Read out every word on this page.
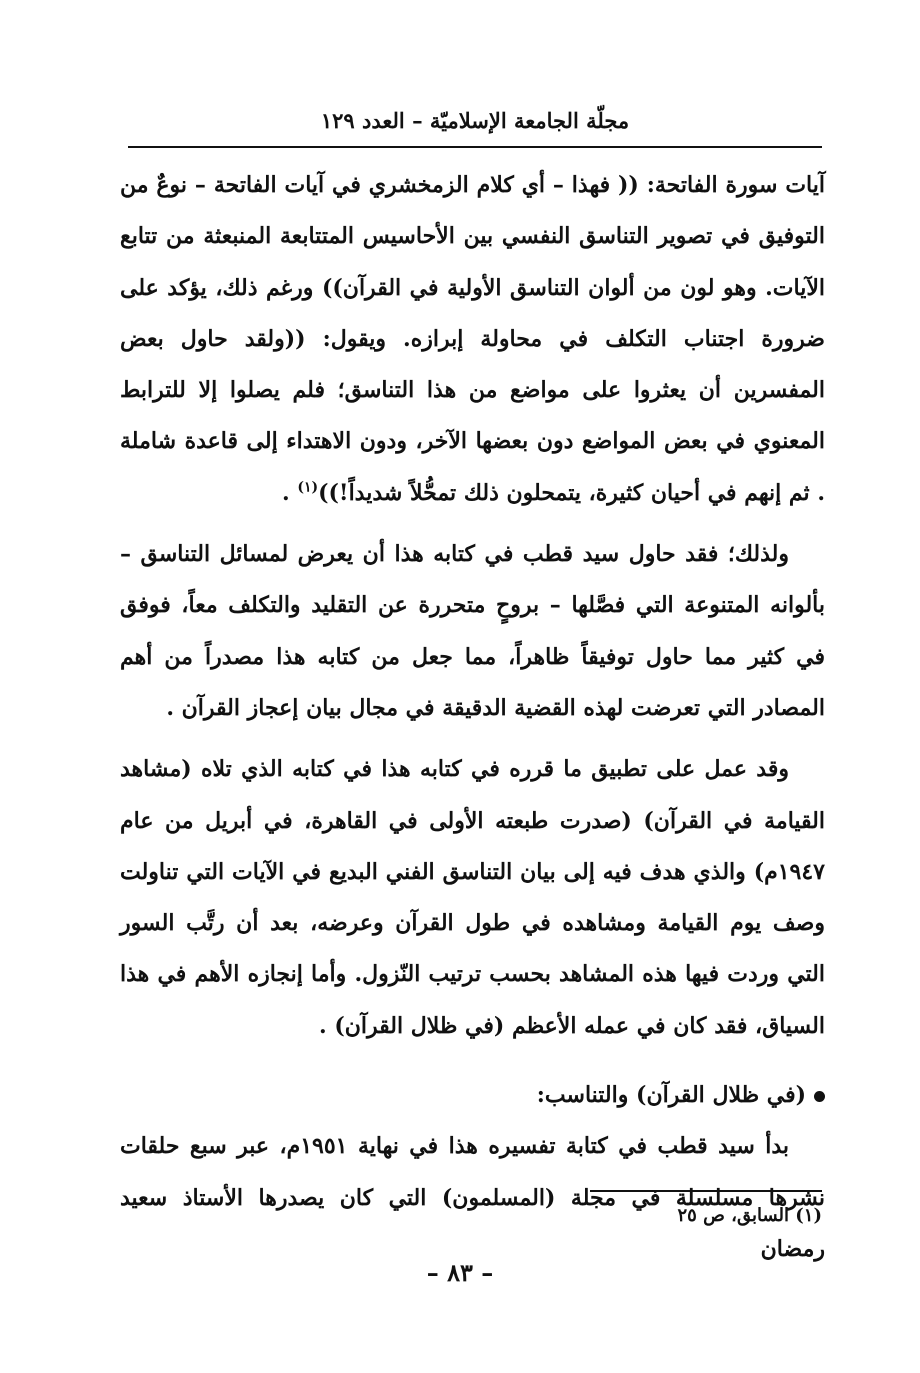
مجلّة الجامعة الإسلاميّة – العدد ١٢٩

آيات سورة الفاتحة: (( فهذا – أي كلام الزمخشري في آيات الفاتحة – نوعٌ من التوفيق في تصوير التناسق النفسي بين الأحاسيس المتتابعة المنبعثة من تتابع الآيات. وهو لون من ألوان التناسق الأولية في القرآن)) ورغم ذلك، يؤكد على ضرورة اجتناب التكلف في محاولة إبرازه. ويقول: ((ولقد حاول بعض المفسرين أن يعثروا على مواضع من هذا التناسق؛ فلم يصلوا إلا للترابط المعنوي في بعض المواضع دون بعضها الآخر، ودون الاهتداء إلى قاعدة شاملة . ثم إنهم في أحيان كثيرة، يتمحلون ذلك تمحُّلاً شديداً!))$^{(١)}$ .

ولذلك؛ فقد حاول سيد قطب في كتابه هذا أن يعرض لمسائل التناسق – بألوانه المتنوعة التي فصَّلها – بروحٍ متحررة عن التقليد والتكلف معاً، فوفق في كثير مما حاول توفيقاً ظاهراً، مما جعل من كتابه هذا مصدراً من أهم المصادر التي تعرضت لهذه القضية الدقيقة في مجال بيان إعجاز القرآن .

وقد عمل على تطبيق ما قرره في كتابه هذا في كتابه الذي تلاه (مشاهد القيامة في القرآن) (صدرت طبعته الأولى في القاهرة، في أبريل من عام ١٩٤٧م) والذي هدف فيه إلى بيان التناسق الفني البديع في الآيات التي تناولت وصف يوم القيامة ومشاهده في طول القرآن وعرضه، بعد أن رتَّب السور التي وردت فيها هذه المشاهد بحسب ترتيب النّزول. وأما إنجازه الأهم في هذا السياق، فقد كان في عمله الأعظم (في ظلال القرآن) .

(في ظلال القرآن) والتناسب:

بدأ سيد قطب في كتابة تفسيره هذا في نهاية ١٩٥١م، عبر سبع حلقات نشرها مسلسلة في مجلة (المسلمون) التي كان يصدرها الأستاذ سعيد رمضان

(١) السابق، ص ٢٥
– ٨٣ –
